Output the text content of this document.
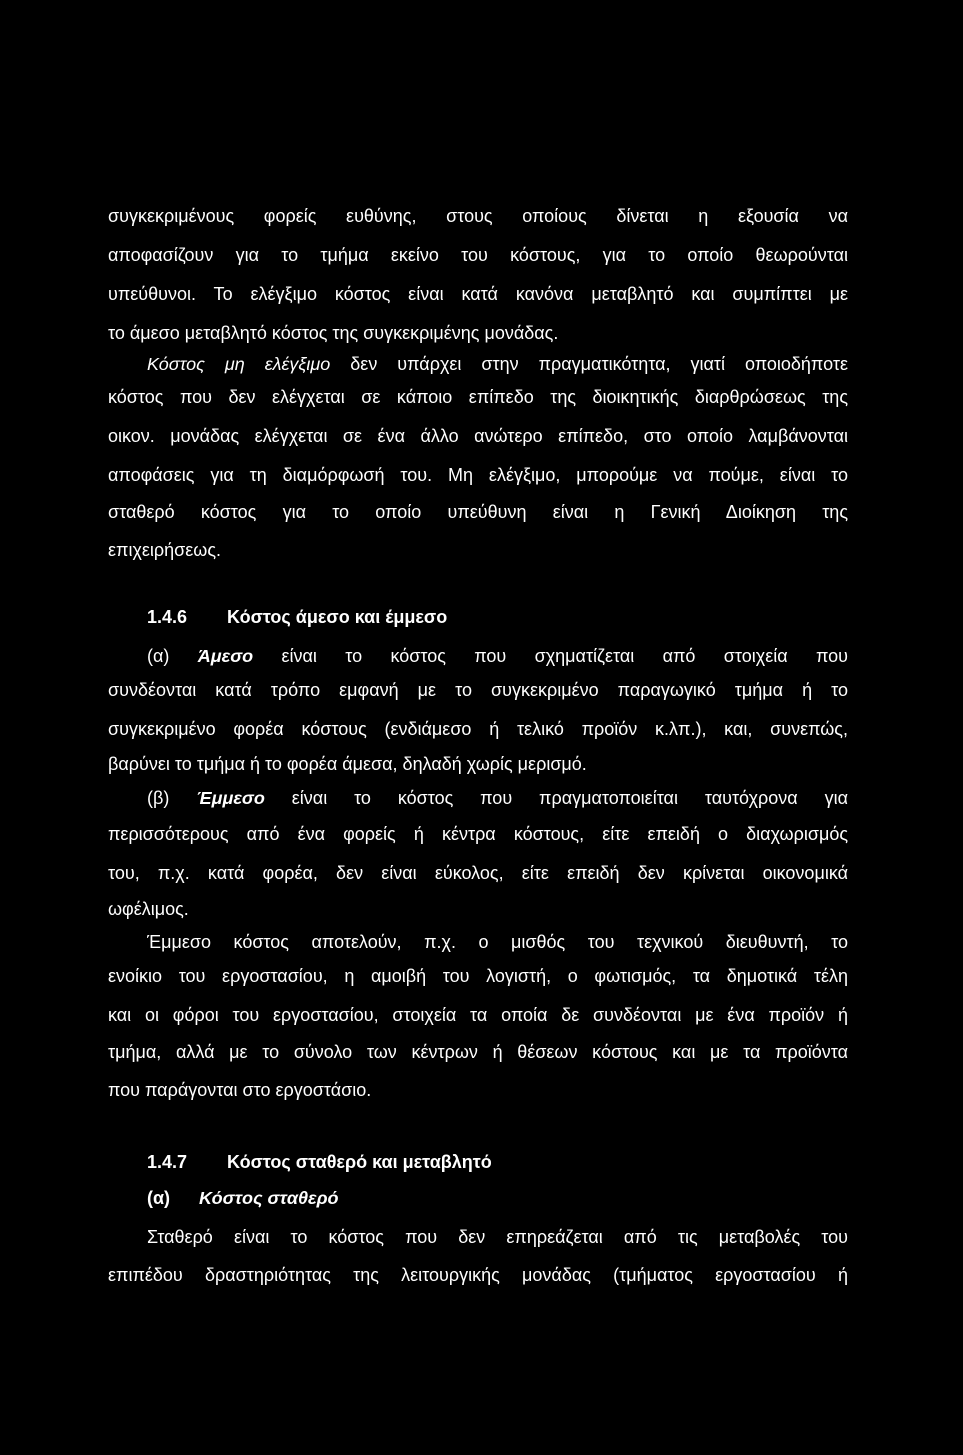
συγκεκριμένους φορείς ευθύνης, στους οποίους δίνεται η εξουσία να
αποφασίζουν για το τμήμα εκείνο του κόστους, για το οποίο θεωρούνται
υπεύθυνοι. Το ελέγξιμο κόστος είναι κατά κανόνα μεταβλητό και συμπίπτει με
το άμεσο μεταβλητό κόστος της συγκεκριμένης μονάδας.
Κόστος μη ελέγξιμο δεν υπάρχει στην πραγματικότητα, γιατί οποιοδήποτε
κόστος που δεν ελέγχεται σε κάποιο επίπεδο της διοικητικής διαρθρώσεως της
οικον. μονάδας ελέγχεται σε ένα άλλο ανώτερο επίπεδο, στο οποίο λαμβάνονται
αποφάσεις για τη διαμόρφωσή του. Μη ελέγξιμο, μπορούμε να πούμε, είναι το
σταθερό κόστος για το οποίο υπεύθυνη είναι η Γενική Διοίκηση της
επιχειρήσεως.
1.4.6 Κόστος άμεσο και έμμεσο
(α) Άμεσο είναι το κόστος που σχηματίζεται από στοιχεία που
συνδέονται κατά τρόπο εμφανή με το συγκεκριμένο παραγωγικό τμήμα ή το
συγκεκριμένο φορέα κόστους (ενδιάμεσο ή τελικό προϊόν κ.λπ.), και, συνεπώς,
βαρύνει το τμήμα ή το φορέα άμεσα, δηλαδή χωρίς μερισμό.
(β) Έμμεσο είναι το κόστος που πραγματοποιείται ταυτόχρονα για
περισσότερους από ένα φορείς ή κέντρα κόστους, είτε επειδή ο διαχωρισμός
του, π.χ. κατά φορέα, δεν είναι εύκολος, είτε επειδή δεν κρίνεται οικονομικά
ωφέλιμος.
Έμμεσο κόστος αποτελούν, π.χ. ο μισθός του τεχνικού διευθυντή, το
ενοίκιο του εργοστασίου, η αμοιβή του λογιστή, ο φωτισμός, τα δημοτικά τέλη
και οι φόροι του εργοστασίου, στοιχεία τα οποία δε συνδέονται με ένα προϊόν ή
τμήμα, αλλά με το σύνολο των κέντρων ή θέσεων κόστους και με τα προϊόντα
που παράγονται στο εργοστάσιο.
1.4.7 Κόστος σταθερό και μεταβλητό
(α) Κόστος σταθερό
Σταθερό είναι το κόστος που δεν επηρεάζεται από τις μεταβολές του
επιπέδου δραστηριότητας της λειτουργικής μονάδας (τμήματος εργοστασίου ή
